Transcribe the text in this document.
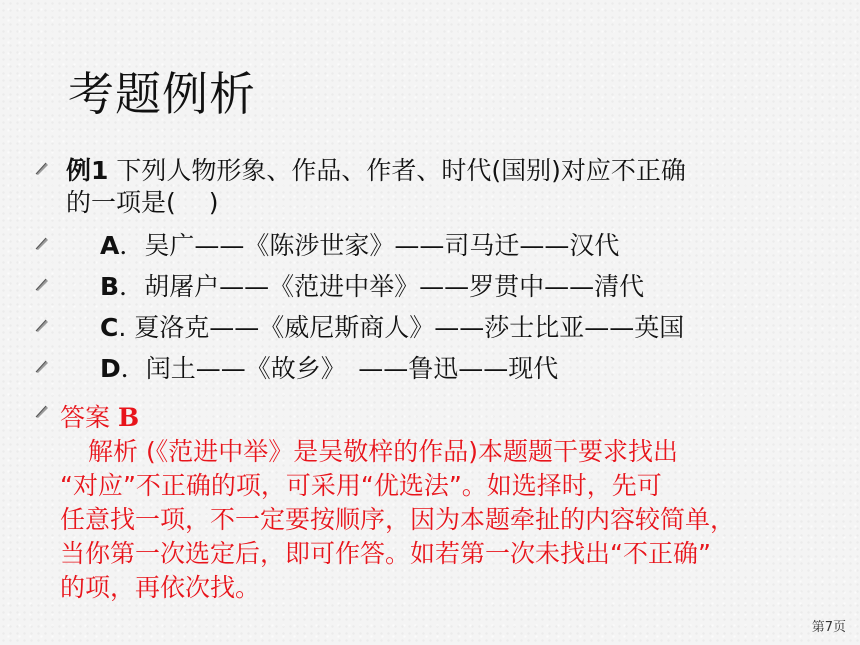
考题例析
例1 下列人物形象、作品、作者、时代(国别)对应不正确
的一项是(　 )
A．吴广——《陈涉世家》——司马迁——汉代
B．胡屠户——《范进中举》——罗贯中——清代
C. 夏洛克——《威尼斯商人》——莎士比亚——英国
D．闰土——《故乡》　——鲁迅——现代
答案 B
解析 (《范进中举》是吴敬梓的作品)本题题干要求找出
“对应”不正确的项，可采用“优选法”。如选择时，先可
任意找一项，不一定要按顺序，因为本题牵扯的内容较简单，
当你第一次选定后，即可作答。如若第一次未找出“不正确”
的项，再依次找。
第7页
